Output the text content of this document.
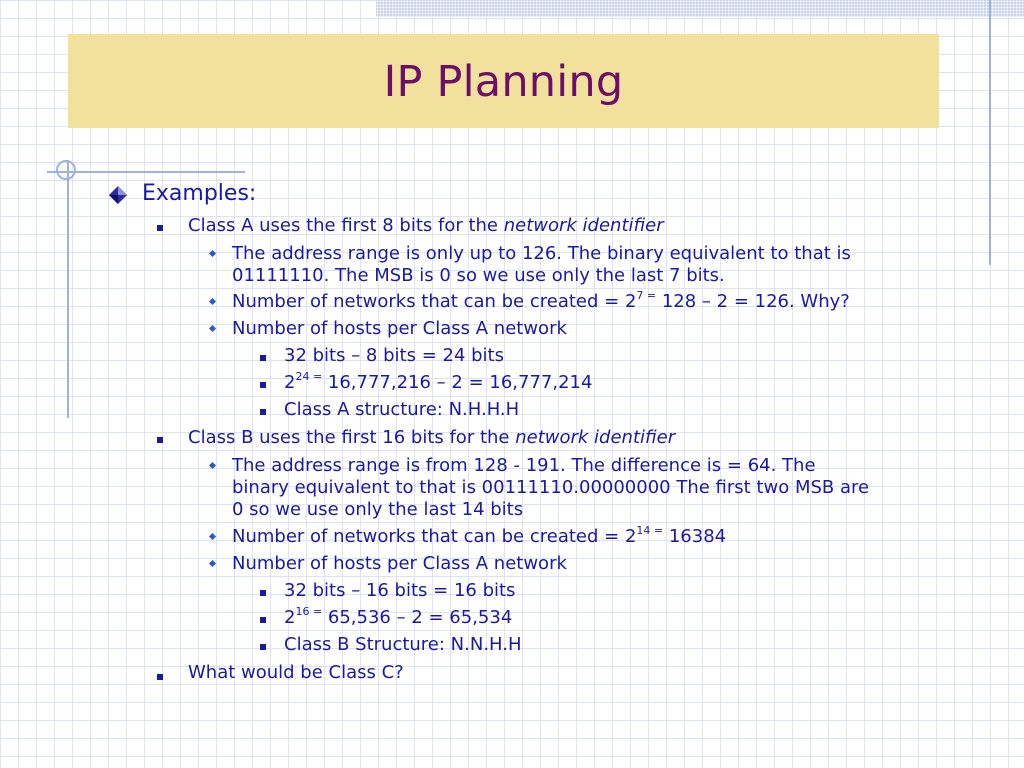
IP Planning
Examples:
Class A uses the first 8 bits for the network identifier
The address range is only up to 126. The binary equivalent to that is
01111110. The MSB is 0 so we use only the last 7 bits.
Number of networks that can be created = $2^{7 =}$ 128 – 2 = 126. Why?
Number of hosts per Class A network
32 bits – 8 bits = 24 bits
$2^{24 =}$ 16,777,216 – 2 = 16,777,214
Class A structure: N.H.H.H
Class B uses the first 16 bits for the network identifier
The address range is from 128 - 191. The difference is = 64. The
binary equivalent to that is 00111110.00000000 The first two MSB are
0 so we use only the last 14 bits
Number of networks that can be created = $2^{14 =}$ 16384
Number of hosts per Class A network
32 bits – 16 bits = 16 bits
$2^{16 =}$ 65,536 – 2 = 65,534
Class B Structure: N.N.H.H
What would be Class C?
